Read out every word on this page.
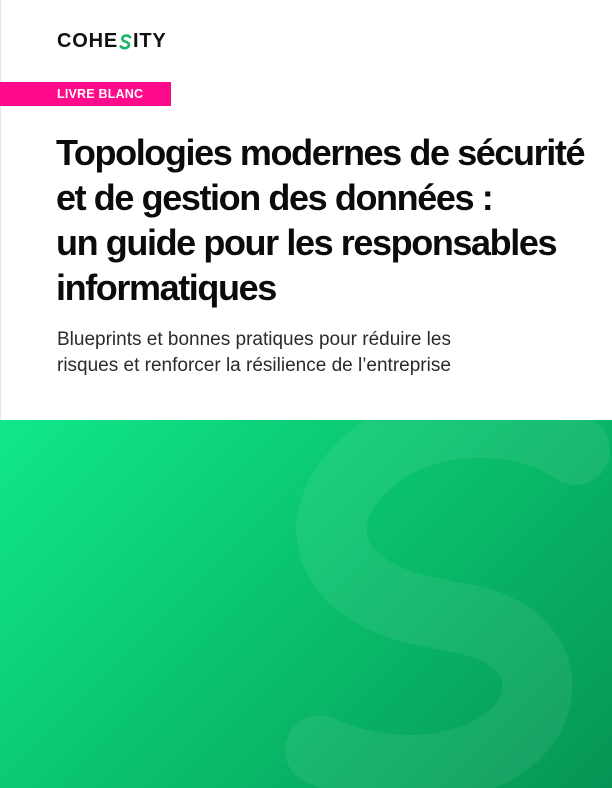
COHE ITY
LIVRE BLANC
Topologies modernes de sécurité
et de gestion des données :
un guide pour les responsables
informatiques

Blueprints et bonnes pratiques pour réduire les
risques et renforcer la résilience de l’entreprise
